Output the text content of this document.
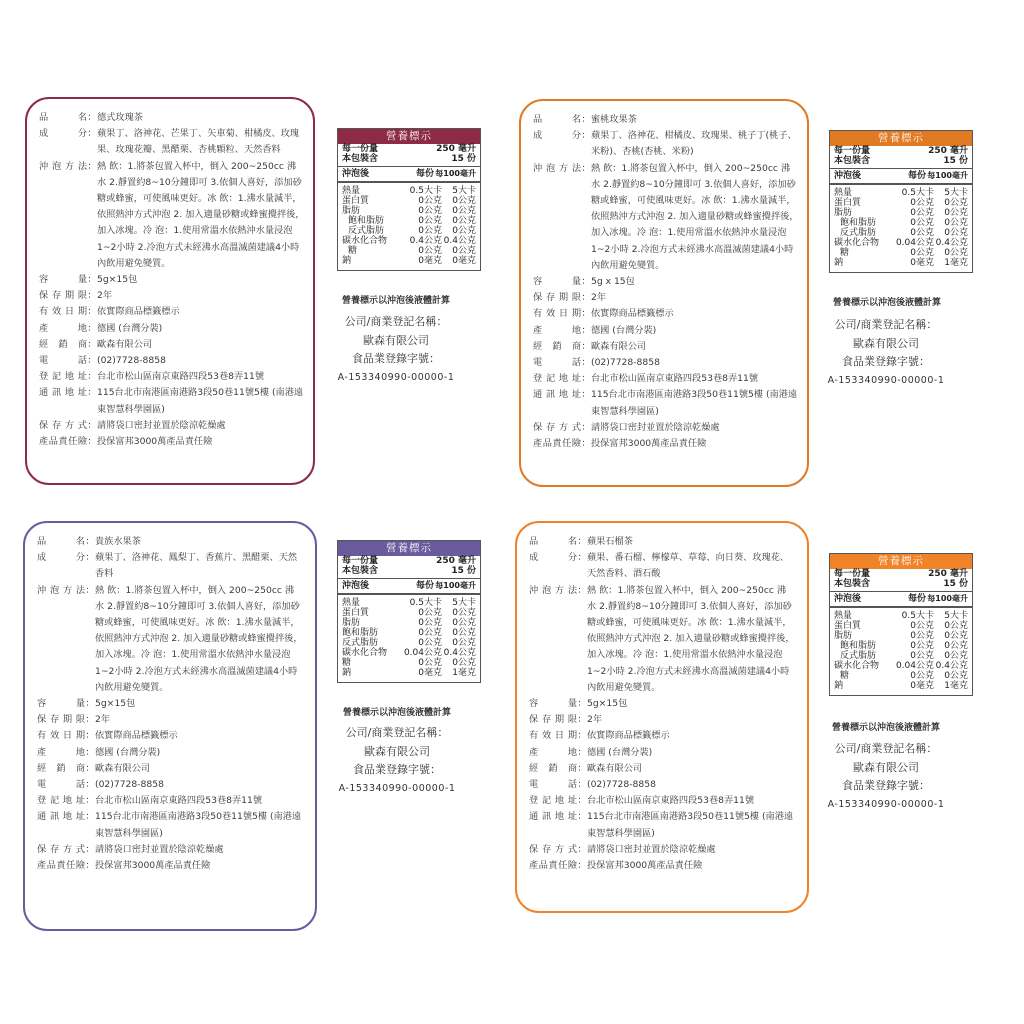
品	名 ： 德式玫瑰茶
成	分 ： 蘋果丁、洛神花、芒果丁、矢車菊、柑橘皮、玫瑰果、玫瑰花瓣、黑醋栗、杏桃顆粒、天然香料
沖 泡 方 法 ： 熱 飲：1.將茶包置入杯中，倒入 200~250cc 沸水 2.靜置約8~10分鐘即可 3.依個人喜好，添加砂糖或蜂蜜，可使風味更好。冰 飲：1.沸水量減半，依照熱沖方式沖泡 2. 加入適量砂糖或蜂蜜攪拌後，加入冰塊。冷 泡：1.使用常溫水依熱沖水量浸泡1~2小時 2.冷泡方式未經沸水高溫滅菌建議4小時內飲用避免變質。
容	量 ： 5g×15包
保 存 期 限 ： 2年
有 效 日 期 ： 依實際商品標籤標示
產	地 ： 德國 (台灣分裝)
經 銷 商 ： 歐森有限公司
電	話 ： (02)7728-8858
登 記 地 址 ： 台北市松山區南京東路四段53巷8弄11號
通 訊 地 址 ： 115台北市南港區南港路3段50巷11號5樓 (南港遠東智慧科學園區)
保 存 方 式 ： 請將袋口密封並置於陰涼乾燥處
產 品 責 任 險 ： 投保富邦3000萬產品責任險
營養標示
每一份量
本包裝含
250 毫升
15 份
沖泡後	每份 每100毫升
熱量	0.5大卡	5大卡
蛋白質	0公克	0公克
脂肪	0公克	0公克
飽和脂肪	0公克	0公克
反式脂肪	0公克	0公克
碳水化合物	0.4公克 0.4公克
糖	0公克	0公克
鈉	0毫克	0毫克
營養標示以沖泡後液體計算
公司/商業登記名稱：
歐森有限公司
食品業登錄字號：
A-153340990-00000-1
品	名 ： 蜜桃玫果茶
成	分 ： 蘋果丁、洛神花、柑橘皮、玫瑰果、桃子丁(桃子、米粉)、杏桃(杏桃、米粉)
沖 泡 方 法 ： 熱 飲：1.將茶包置入杯中，倒入 200~250cc 沸水 2.靜置約8~10分鐘即可 3.依個人喜好，添加砂糖或蜂蜜，可使風味更好。冰 飲：1.沸水量減半，依照熱沖方式沖泡 2. 加入適量砂糖或蜂蜜攪拌後，加入冰塊。冷 泡：1.使用常溫水依熱沖水量浸泡1~2小時 2.冷泡方式未經沸水高溫滅菌建議4小時內飲用避免變質。
容	量 ： 5g x 15包
保 存 期 限 ： 2年
有 效 日 期 ： 依實際商品標籤標示
產	地 ： 德國 (台灣分裝)
經 銷 商 ： 歐森有限公司
電	話 ： (02)7728-8858
登 記 地 址 ： 台北市松山區南京東路四段53巷8弄11號
通 訊 地 址 ： 115台北市南港區南港路3段50巷11號5樓 (南港遠東智慧科學園區)
保 存 方 式 ： 請將袋口密封並置於陰涼乾燥處
產 品 責 任 險 ： 投保富邦3000萬產品責任險
營養標示
每一份量
本包裝含
250 毫升
15 份
沖泡後	每份 每100毫升
熱量	0.5大卡	5大卡
蛋白質	0公克	0公克
脂肪	0公克	0公克
飽和脂肪	0公克	0公克
反式脂肪	0公克	0公克
碳水化合物	0.04公克 0.4公克
糖	0公克	0公克
鈉	0毫克	1毫克
營養標示以沖泡後液體計算
公司/商業登記名稱：
歐森有限公司
食品業登錄字號：
A-153340990-00000-1
品	名 ： 貴族水果茶
成	分 ： 蘋果丁、洛神花、鳳梨丁、香蕉片、黑醋栗、天然香料
沖 泡 方 法 ： 熱 飲：1.將茶包置入杯中，倒入 200~250cc 沸水 2.靜置約8~10分鐘即可 3.依個人喜好，添加砂糖或蜂蜜，可使風味更好。冰 飲：1.沸水量減半，依照熱沖方式沖泡 2. 加入適量砂糖或蜂蜜攪拌後，加入冰塊。冷 泡：1.使用常溫水依熱沖水量浸泡1~2小時 2.冷泡方式未經沸水高溫滅菌建議4小時內飲用避免變質。
容	量 ： 5g×15包
保 存 期 限 ： 2年
有 效 日 期 ： 依實際商品標籤標示
產	地 ： 德國 (台灣分裝)
經 銷 商 ： 歐森有限公司
電	話 ： (02)7728-8858
登 記 地 址 ： 台北市松山區南京東路四段53巷8弄11號
通 訊 地 址 ： 115台北市南港區南港路3段50巷11號5樓 (南港遠東智慧科學園區)
保 存 方 式 ： 請將袋口密封並置於陰涼乾燥處
產 品 責 任 險 ： 投保富邦3000萬產品責任險
營養標示
每一份量
本包裝含
250 毫升
15 份
沖泡後	每份 每100毫升
熱量	0.5大卡	5大卡
蛋白質	0公克	0公克
脂肪	0公克	0公克
飽和脂肪	0公克	0公克
反式脂肪	0公克	0公克
碳水化合物	0.04公克 0.4公克
糖	0公克	0公克
鈉	0毫克	1毫克
營養標示以沖泡後液體計算
公司/商業登記名稱：
歐森有限公司
食品業登錄字號：
A-153340990-00000-1
品	名 ： 蘋果石榴茶
成	分 ： 蘋果、番石榴、檸檬草、草莓、向日葵、玫瑰花、天然香料、酒石酸
沖 泡 方 法 ： 熱 飲：1.將茶包置入杯中，倒入 200~250cc 沸水 2.靜置約8~10分鐘即可 3.依個人喜好，添加砂糖或蜂蜜，可使風味更好。冰 飲：1.沸水量減半，依照熱沖方式沖泡 2. 加入適量砂糖或蜂蜜攪拌後，加入冰塊。冷 泡：1.使用常溫水依熱沖水量浸泡1~2小時 2.冷泡方式未經沸水高溫滅菌建議4小時內飲用避免變質。
容	量 ： 5g×15包
保 存 期 限 ： 2年
有 效 日 期 ： 依實際商品標籤標示
產	地 ： 德國 (台灣分裝)
經 銷 商 ： 歐森有限公司
電	話 ： (02)7728-8858
登 記 地 址 ： 台北市松山區南京東路四段53巷8弄11號
通 訊 地 址 ： 115台北市南港區南港路3段50巷11號5樓 (南港遠東智慧科學園區)
保 存 方 式 ： 請將袋口密封並置於陰涼乾燥處
產 品 責 任 險 ： 投保富邦3000萬產品責任險
營養標示
每一份量
本包裝含
250 毫升
15 份
沖泡後	每份 每100毫升
熱量	0.5大卡	5大卡
蛋白質	0公克	0公克
脂肪	0公克	0公克
飽和脂肪	0公克	0公克
反式脂肪	0公克	0公克
碳水化合物	0.04公克 0.4公克
糖	0公克	0公克
鈉	0毫克	1毫克
營養標示以沖泡後液體計算
公司/商業登記名稱：
歐森有限公司
食品業登錄字號：
A-153340990-00000-1
